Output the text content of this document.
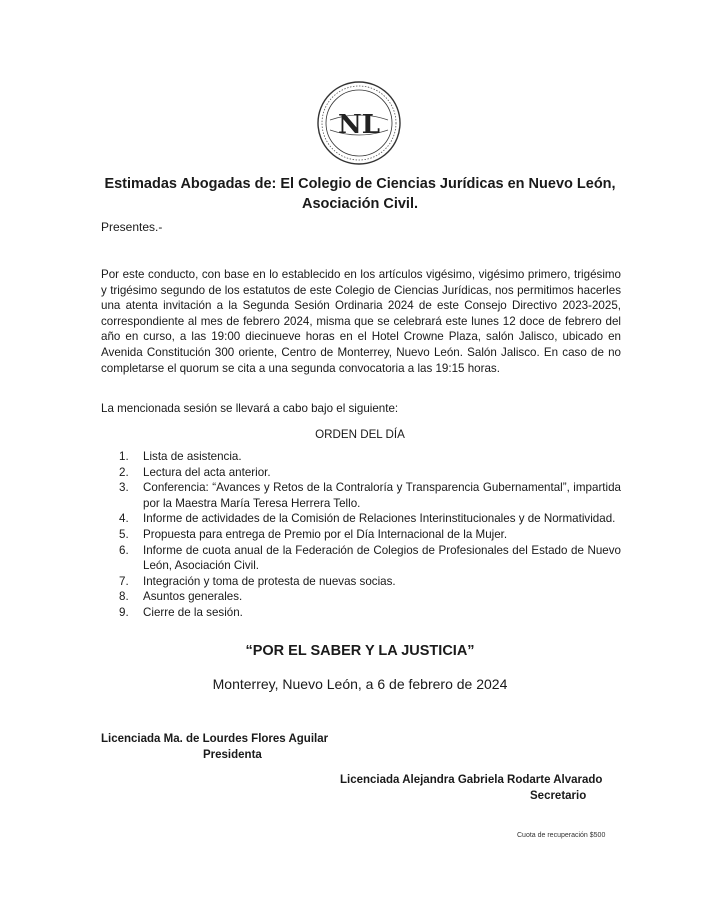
NL
Estimadas Abogadas de: El Colegio de Ciencias Jurídicas en Nuevo León,
Asociación Civil.
Presentes.-
Por este conducto, con base en lo establecido en los artículos vigésimo, vigésimo primero, trigésimo y trigésimo segundo de los estatutos de este Colegio de Ciencias Jurídicas, nos permitimos hacerles una atenta invitación a la Segunda Sesión Ordinaria 2024 de este Consejo Directivo 2023-2025, correspondiente al mes de febrero 2024, misma que se celebrará este lunes 12 doce de febrero del año en curso, a las 19:00 diecinueve horas en el Hotel Crowne Plaza, salón Jalisco, ubicado en Avenida Constitución 300 oriente, Centro de Monterrey, Nuevo León. Salón Jalisco. En caso de no completarse el quorum se cita a una segunda convocatoria a las 19:15 horas.
La mencionada sesión se llevará a cabo bajo el siguiente:
ORDEN DEL DÍA
1. Lista de asistencia.
2. Lectura del acta anterior.
3. Conferencia: “Avances y Retos de la Contraloría y Transparencia Gubernamental”, impartida por la Maestra María Teresa Herrera Tello.
4. Informe de actividades de la Comisión de Relaciones Interinstitucionales y de Normatividad.
5. Propuesta para entrega de Premio por el Día Internacional de la Mujer.
6. Informe de cuota anual de la Federación de Colegios de Profesionales del Estado de Nuevo León, Asociación Civil.
7. Integración y toma de protesta de nuevas socias.
8. Asuntos generales.
9. Cierre de la sesión.
“POR EL SABER Y LA JUSTICIA”
Monterrey, Nuevo León, a 6 de febrero de 2024
Licenciada Ma. de Lourdes Flores Aguilar
Presidenta
Licenciada Alejandra Gabriela Rodarte Alvarado
Secretario
Cuota de recuperación $500
